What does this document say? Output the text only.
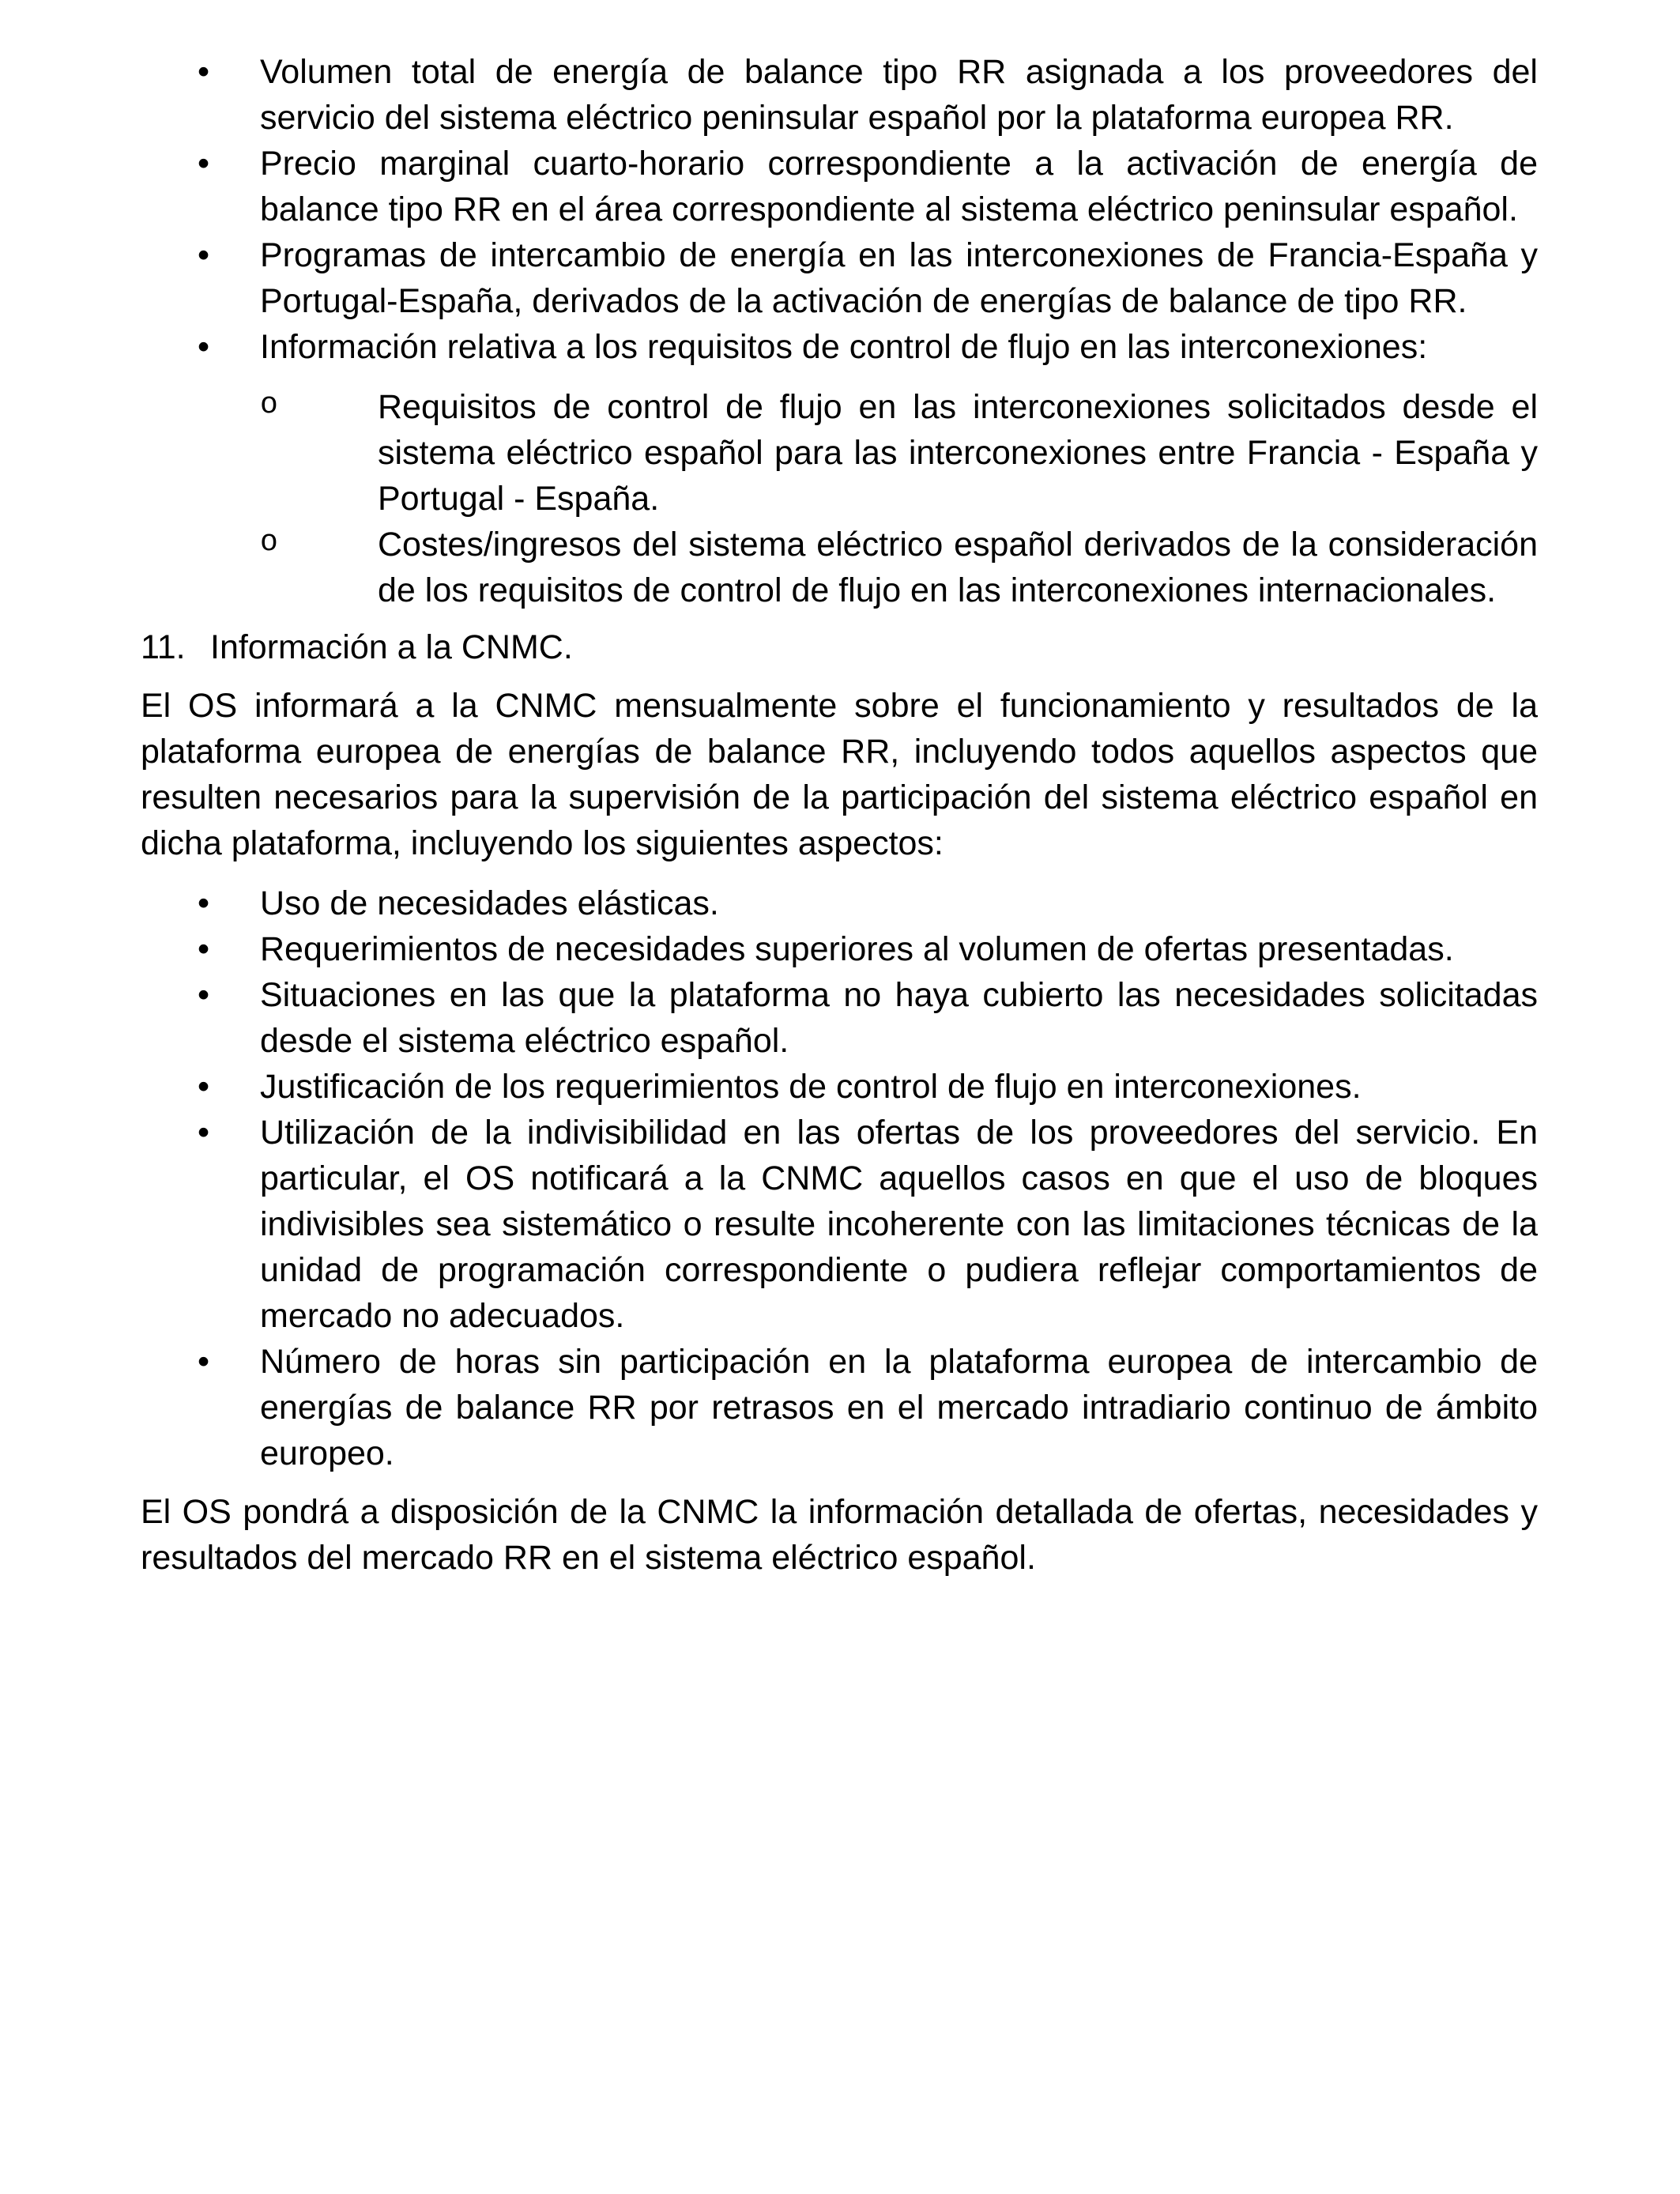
•	Volumen total de energía de balance tipo RR asignada a los proveedores del servicio del sistema eléctrico peninsular español por la plataforma europea RR.
•	Precio marginal cuarto-horario correspondiente a la activación de energía de balance tipo RR en el área correspondiente al sistema eléctrico peninsular español.
•	Programas de intercambio de energía en las interconexiones de Francia-España y Portugal-España, derivados de la activación de energías de balance de tipo RR.
•	Información relativa a los requisitos de control de flujo en las interconexiones:
o	Requisitos de control de flujo en las interconexiones solicitados desde el sistema eléctrico español para las interconexiones entre Francia - España y Portugal - España.
o	Costes/ingresos del sistema eléctrico español derivados de la consideración de los requisitos de control de flujo en las interconexiones internacionales.
11. Información a la CNMC.

El OS informará a la CNMC mensualmente sobre el funcionamiento y resultados de la plataforma europea de energías de balance RR, incluyendo todos aquellos aspectos que resulten necesarios para la supervisión de la participación del sistema eléctrico español en dicha plataforma, incluyendo los siguientes aspectos:

•	Uso de necesidades elásticas.
•	Requerimientos de necesidades superiores al volumen de ofertas presentadas.
•	Situaciones en las que la plataforma no haya cubierto las necesidades solicitadas desde el sistema eléctrico español.
•	Justificación de los requerimientos de control de flujo en interconexiones.
•	Utilización de la indivisibilidad en las ofertas de los proveedores del servicio. En particular, el OS notificará a la CNMC aquellos casos en que el uso de bloques indivisibles sea sistemático o resulte incoherente con las limitaciones técnicas de la unidad de programación correspondiente o pudiera reflejar comportamientos de mercado no adecuados.
•	Número de horas sin participación en la plataforma europea de intercambio de energías de balance RR por retrasos en el mercado intradiario continuo de ámbito europeo.

El OS pondrá a disposición de la CNMC la información detallada de ofertas, necesidades y resultados del mercado RR en el sistema eléctrico español.
